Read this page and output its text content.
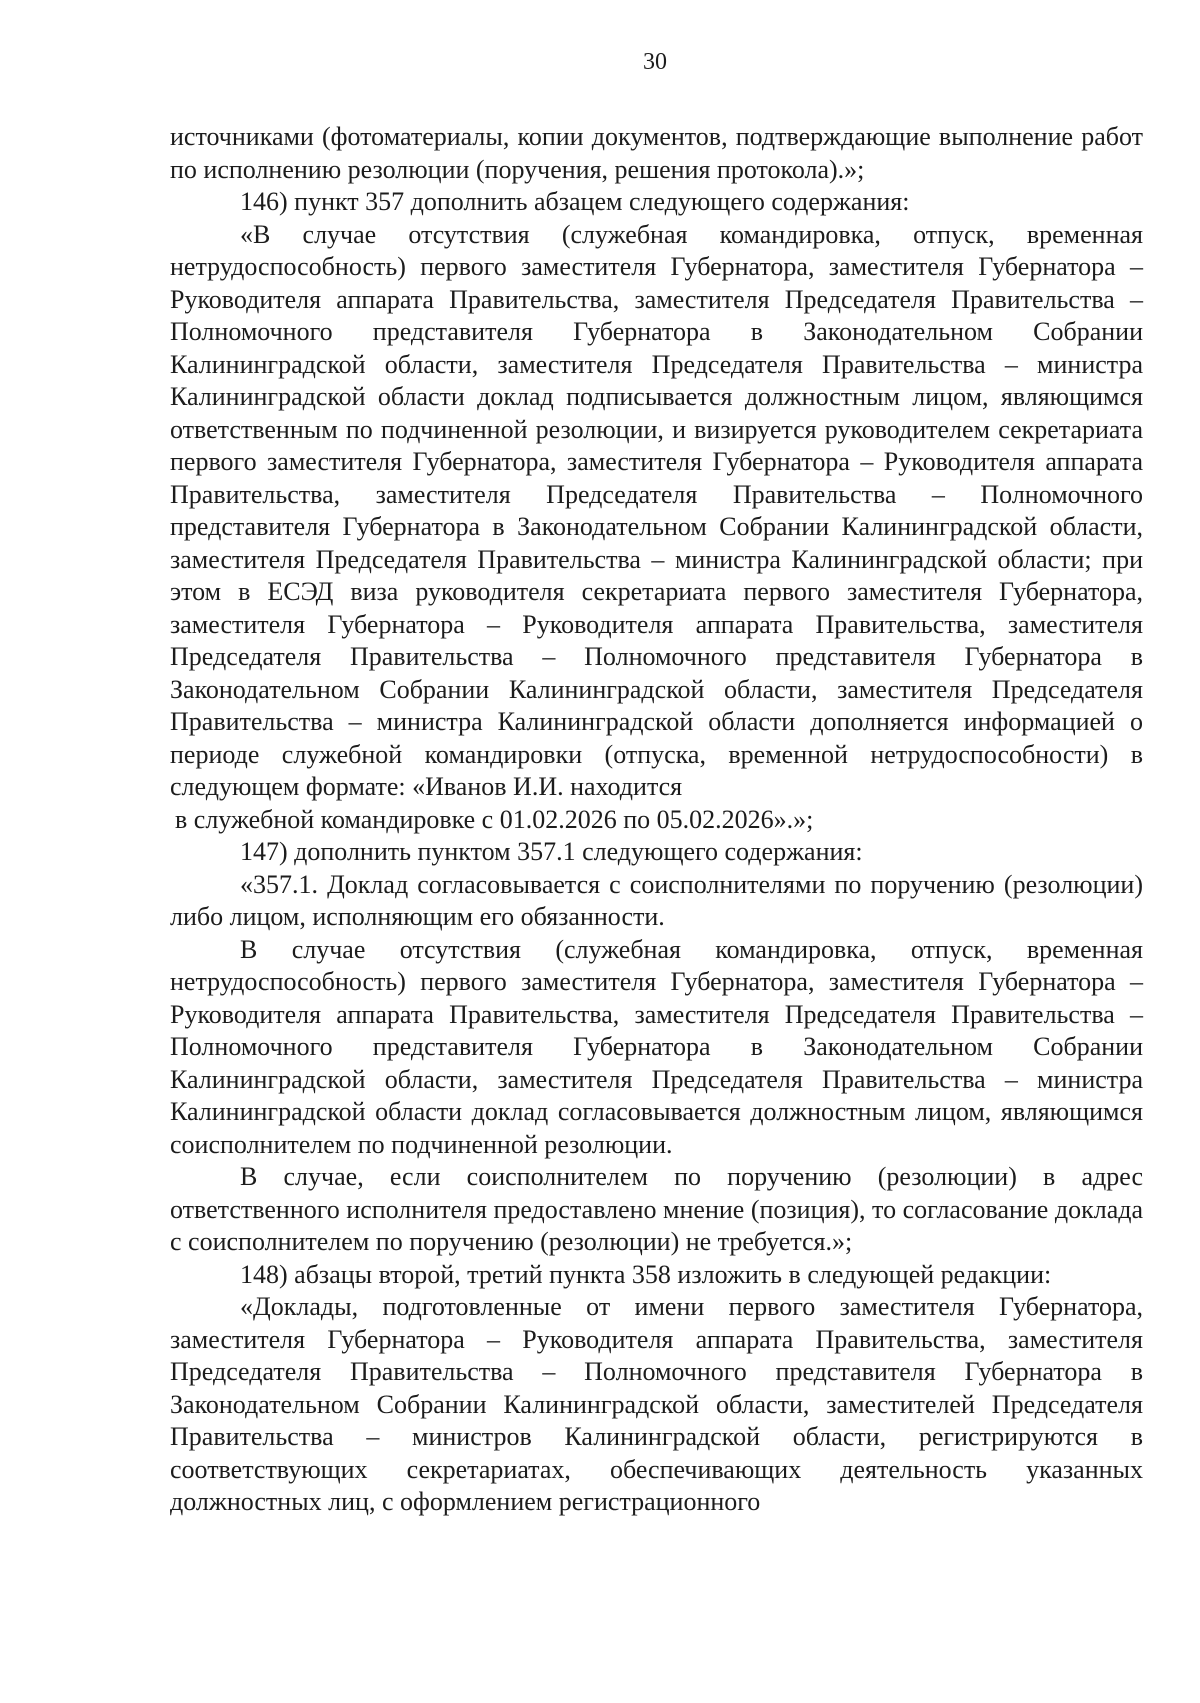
30

источниками (фотоматериалы, копии документов, подтверждающие выполнение работ по исполнению резолюции (поручения, решения протокола).»;

146) пункт 357 дополнить абзацем следующего содержания:

«В случае отсутствия (служебная командировка, отпуск, временная нетрудоспособность) первого заместителя Губернатора, заместителя Губернатора – Руководителя аппарата Правительства, заместителя Председателя Правительства – Полномочного представителя Губернатора в Законодательном Собрании Калининградской области, заместителя Председателя Правительства – министра Калининградской области доклад подписывается должностным лицом, являющимся ответственным по подчиненной резолюции, и визируется руководителем секретариата первого заместителя Губернатора, заместителя Губернатора – Руководителя аппарата Правительства, заместителя Председателя Правительства – Полномочного представителя Губернатора в Законодательном Собрании Калининградской области, заместителя Председателя Правительства – министра Калининградской области; при этом в ЕСЭД виза руководителя секретариата первого заместителя Губернатора, заместителя Губернатора – Руководителя аппарата Правительства, заместителя Председателя Правительства – Полномочного представителя Губернатора в Законодательном Собрании Калининградской области, заместителя Председателя Правительства – министра Калининградской области дополняется информацией о периоде служебной командировки (отпуска, временной нетрудоспособности) в следующем формате: «Иванов И.И. находится

в служебной командировке с 01.02.2026 по 05.02.2026».»;

147) дополнить пунктом 357.1 следующего содержания:

«357.1. Доклад согласовывается с соисполнителями по поручению (резолюции) либо лицом, исполняющим его обязанности.

В случае отсутствия (служебная командировка, отпуск, временная нетрудоспособность) первого заместителя Губернатора, заместителя Губернатора – Руководителя аппарата Правительства, заместителя Председателя Правительства – Полномочного представителя Губернатора в Законодательном Собрании Калининградской области, заместителя Председателя Правительства – министра Калининградской области доклад согласовывается должностным лицом, являющимся соисполнителем по подчиненной резолюции.

В случае, если соисполнителем по поручению (резолюции) в адрес ответственного исполнителя предоставлено мнение (позиция), то согласование доклада с соисполнителем по поручению (резолюции) не требуется.»;

148) абзацы второй, третий пункта 358 изложить в следующей редакции:

«Доклады, подготовленные от имени первого заместителя Губернатора, заместителя Губернатора – Руководителя аппарата Правительства, заместителя Председателя Правительства – Полномочного представителя Губернатора в Законодательном Собрании Калининградской области, заместителей Председателя Правительства – министров Калининградской области, регистрируются в соответствующих секретариатах, обеспечивающих деятельность указанных должностных лиц, с оформлением регистрационного
